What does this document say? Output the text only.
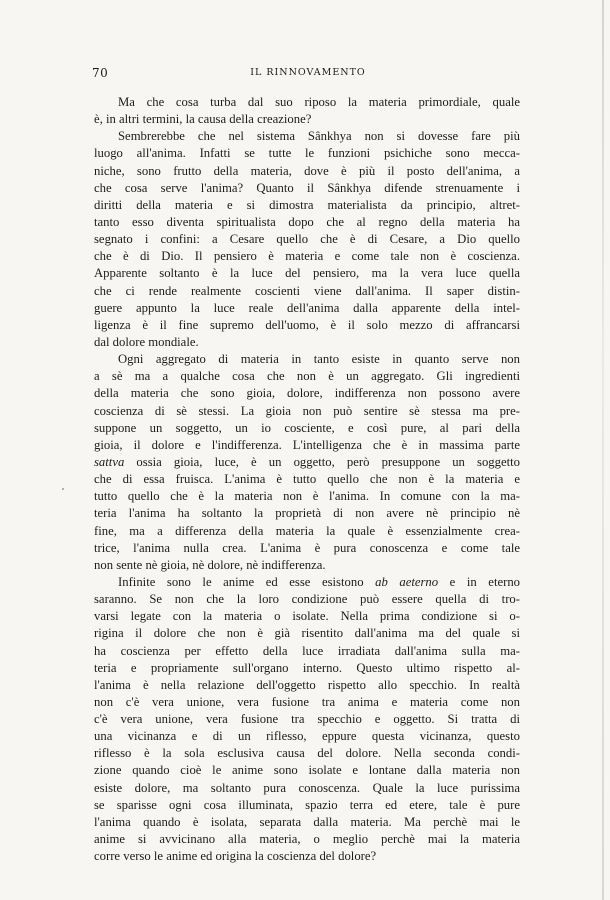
70	IL RINNOVAMENTO
Ma che cosa turba dal suo riposo la materia primordiale, quale
è, in altri termini, la causa della creazione?
Sembrerebbe che nel sistema Sânkhya non si dovesse fare più
luogo all'anima. Infatti se tutte le funzioni psichiche sono mecca-
niche, sono frutto della materia, dove è più il posto dell'anima, a
che cosa serve l'anima? Quanto il Sânkhya difende strenuamente i
diritti della materia e si dimostra materialista da principio, altret-
tanto esso diventa spiritualista dopo che al regno della materia ha
segnato i confini: a Cesare quello che è di Cesare, a Dio quello
che è di Dio. Il pensiero è materia e come tale non è coscienza.
Apparente soltanto è la luce del pensiero, ma la vera luce quella
che ci rende realmente coscienti viene dall'anima. Il saper distin-
guere appunto la luce reale dell'anima dalla apparente della intel-
ligenza è il fine supremo dell'uomo, è il solo mezzo di affrancarsi
dal dolore mondiale.
Ogni aggregato di materia in tanto esiste in quanto serve non
a sè ma a qualche cosa che non è un aggregato. Gli ingredienti
della materia che sono gioia, dolore, indifferenza non possono avere
coscienza di sè stessi. La gioia non può sentire sè stessa ma pre-
suppone un soggetto, un io cosciente, e così pure, al pari della
gioia, il dolore e l'indifferenza. L'intelligenza che è in massima parte
sattva ossia gioia, luce, è un oggetto, però presuppone un soggetto
che di essa fruisca. L'anima è tutto quello che non è la materia e
tutto quello che è la materia non è l'anima. In comune con la ma-
teria l'anima ha soltanto la proprietà di non avere nè principio nè
fine, ma a differenza della materia la quale è essenzialmente crea-
trice, l'anima nulla crea. L'anima è pura conoscenza e come tale
non sente nè gioia, nè dolore, nè indifferenza.
Infinite sono le anime ed esse esistono ab aeterno e in eterno
saranno. Se non che la loro condizione può essere quella di tro-
varsi legate con la materia o isolate. Nella prima condizione si o-
rigina il dolore che non è già risentito dall'anima ma del quale si
ha coscienza per effetto della luce irradiata dall'anima sulla ma-
teria e propriamente sull'organo interno. Questo ultimo rispetto al-
l'anima è nella relazione dell'oggetto rispetto allo specchio. In realtà
non c'è vera unione, vera fusione tra anima e materia come non
c'è vera unione, vera fusione tra specchio e oggetto. Si tratta di
una vicinanza e di un riflesso, eppure questa vicinanza, questo
riflesso è la sola esclusiva causa del dolore. Nella seconda condi-
zione quando cioè le anime sono isolate e lontane dalla materia non
esiste dolore, ma soltanto pura conoscenza. Quale la luce purissima
se sparisse ogni cosa illuminata, spazio terra ed etere, tale è pure
l'anima quando è isolata, separata dalla materia. Ma perchè mai le
anime si avvicinano alla materia, o meglio perchè mai la materia
corre verso le anime ed origina la coscienza del dolore?
